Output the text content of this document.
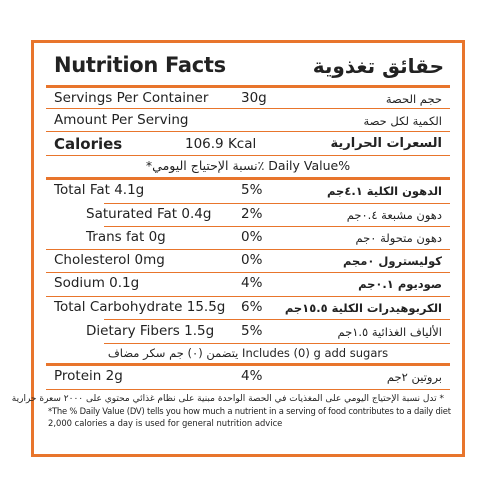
Nutrition Facts	حقائق تغذوية
Servings Per Container 30g	حجم الحصة
Amount Per Serving	الكمية لكل حصة
Calories	106.9 Kcal	السعرات الحرارية
*نسبة الإحتياج اليومي٪ Daily Value%
Total Fat 4.1g	5%	الدهون الكلية ٤.١جم
Saturated Fat 0.4g 2%	دهون مشبعة ٠.٤جم
Trans fat 0g	0%	دهون متحولة ٠جم
Cholesterol 0mg	0%	كوليسترول ٠مجم
Sodium 0.1g	4%	صوديوم ٠.١جم
Total Carbohydrate 15.5g 6% الكربوهيدرات الكلية ١٥.٥جم
Dietary Fibers 1.5g 5%	الألياف الغذائية ١.٥جم
يتضمن (٠) جم سكر مضاف Includes (0) g add sugars
Protein 2g	4%	بروتين ٢جم
* تدل نسبة الإحتياج اليومي على المغذيات في الحصة الواحدة مبنية على نظام غذائي محتوي على ٢٠٠٠ سعرة حرارية
*The % Daily Value (DV) tells you how much a nutrient in a serving of food contributes to a daily diet
2,000 calories a day is used for general nutrition advice
